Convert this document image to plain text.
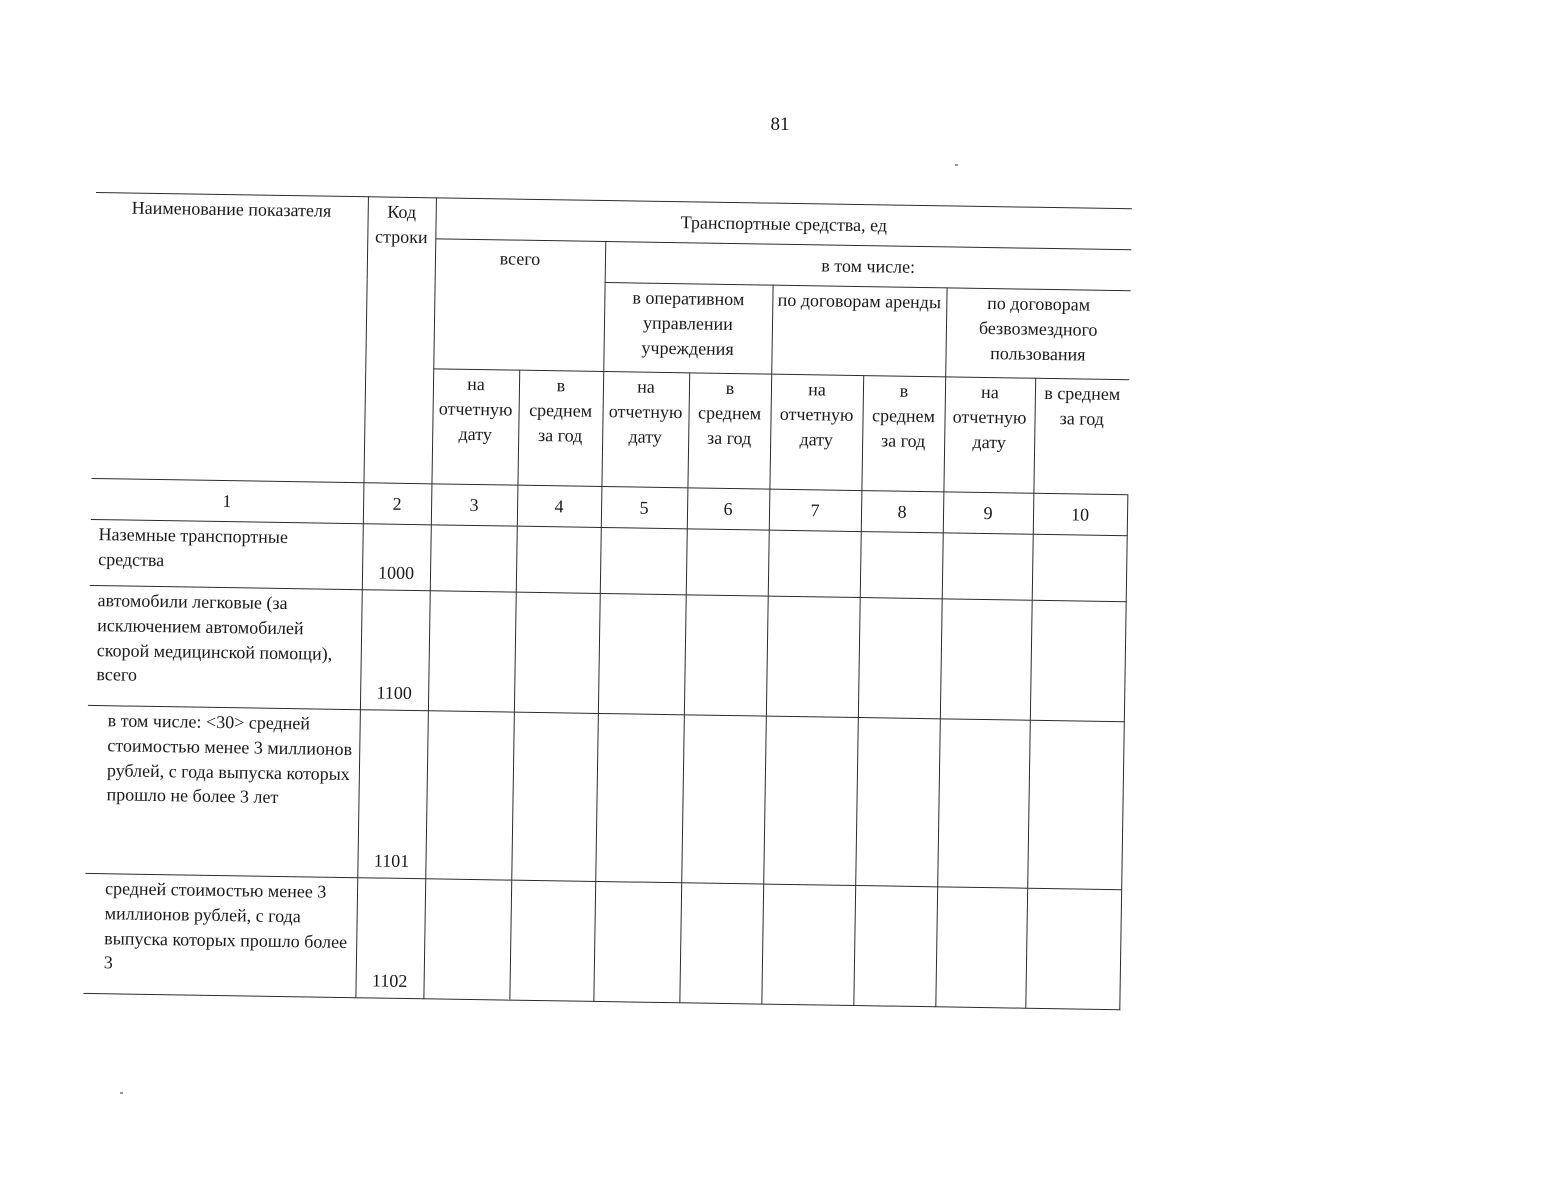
81
Наименование показателя	Код строки	Транспортные средства, ед							
		всего		в том числе:					
				в оперативном управлении учреждения		по договорам аренды		по договорам безвозмездного пользования	
		на отчетную дату	в среднем за год	на отчетную дату	в среднем за год	на отчетную дату	в среднем за год	на отчетную дату	в среднем за год
1	2	3	4	5	6	7	8	9	10
Наземные транспортные средства	1000								
автомобили легковые (за исключением автомобилей скорой медицинской помощи), всего	1100								
в том числе: <30> средней стоимостью менее 3 миллионов рублей, с года выпуска которых прошло не более 3 лет	1101								
средней стоимостью менее 3 миллионов рублей, с года выпуска которых прошло более 3	1102								
